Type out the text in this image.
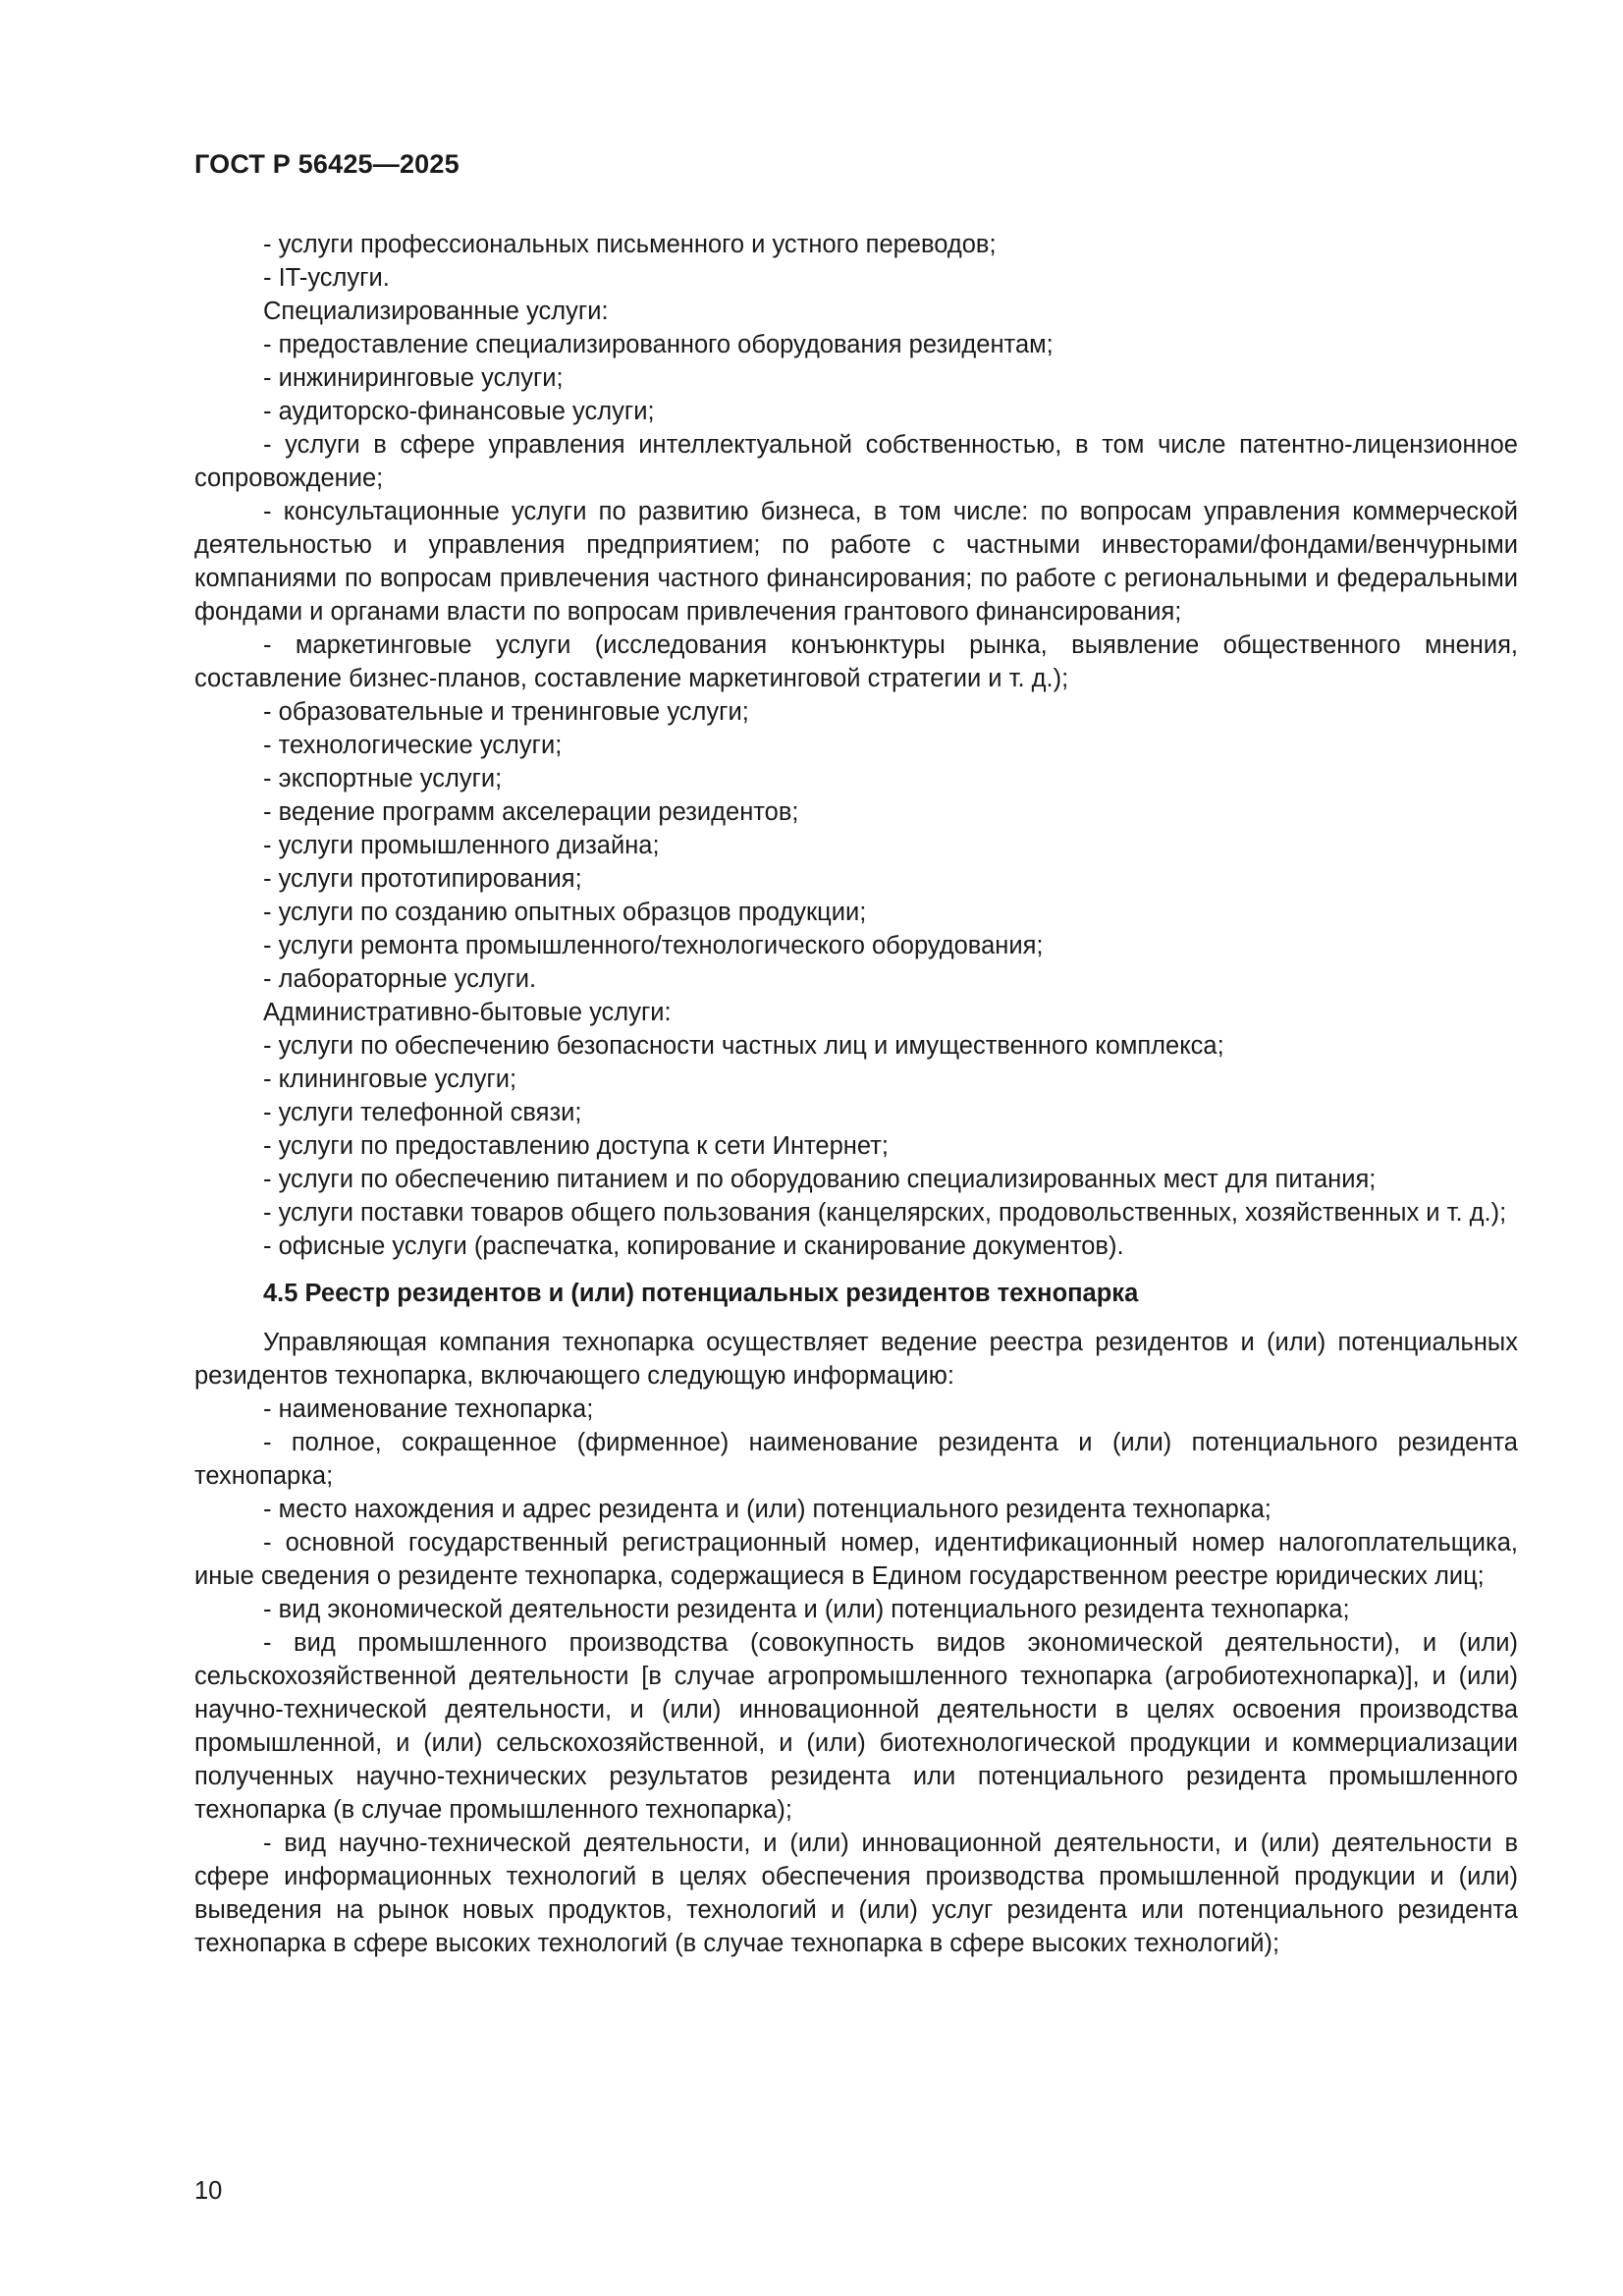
ГОСТ Р 56425—2025

- услуги профессиональных письменного и устного переводов;

- IT-услуги.

Специализированные услуги:

- предоставление специализированного оборудования резидентам;

- инжиниринговые услуги;

- аудиторско-финансовые услуги;

- услуги в сфере управления интеллектуальной собственностью, в том числе патентно-лицензионное сопровождение;

- консультационные услуги по развитию бизнеса, в том числе: по вопросам управления коммерческой деятельностью и управления предприятием; по работе с частными инвесторами/фондами/венчурными компаниями по вопросам привлечения частного финансирования; по работе с региональными и федеральными фондами и органами власти по вопросам привлечения грантового финансирования;

- маркетинговые услуги (исследования конъюнктуры рынка, выявление общественного мнения, составление бизнес-планов, составление маркетинговой стратегии и т. д.);

- образовательные и тренинговые услуги;

- технологические услуги;

- экспортные услуги;

- ведение программ акселерации резидентов;

- услуги промышленного дизайна;

- услуги прототипирования;

- услуги по созданию опытных образцов продукции;

- услуги ремонта промышленного/технологического оборудования;

- лабораторные услуги.

Административно-бытовые услуги:

- услуги по обеспечению безопасности частных лиц и имущественного комплекса;

- клининговые услуги;

- услуги телефонной связи;

- услуги по предоставлению доступа к сети Интернет;

- услуги по обеспечению питанием и по оборудованию специализированных мест для питания;

- услуги поставки товаров общего пользования (канцелярских, продовольственных, хозяйственных и т. д.);

- офисные услуги (распечатка, копирование и сканирование документов).

4.5 Реестр резидентов и (или) потенциальных резидентов технопарка

Управляющая компания технопарка осуществляет ведение реестра резидентов и (или) потенциальных резидентов технопарка, включающего следующую информацию:

- наименование технопарка;

- полное, сокращенное (фирменное) наименование резидента и (или) потенциального резидента технопарка;

- место нахождения и адрес резидента и (или) потенциального резидента технопарка;

- основной государственный регистрационный номер, идентификационный номер налогоплательщика, иные сведения о резиденте технопарка, содержащиеся в Едином государственном реестре юридических лиц;

- вид экономической деятельности резидента и (или) потенциального резидента технопарка;

- вид промышленного производства (совокупность видов экономической деятельности), и (или) сельскохозяйственной деятельности [в случае агропромышленного технопарка (агробиотехнопарка)], и (или) научно-технической деятельности, и (или) инновационной деятельности в целях освоения производства промышленной, и (или) сельскохозяйственной, и (или) биотехнологической продукции и коммерциализации полученных научно-технических результатов резидента или потенциального резидента промышленного технопарка (в случае промышленного технопарка);

- вид научно-технической деятельности, и (или) инновационной деятельности, и (или) деятельности в сфере информационных технологий в целях обеспечения производства промышленной продукции и (или) выведения на рынок новых продуктов, технологий и (или) услуг резидента или потенциального резидента технопарка в сфере высоких технологий (в случае технопарка в сфере высоких технологий);

10
